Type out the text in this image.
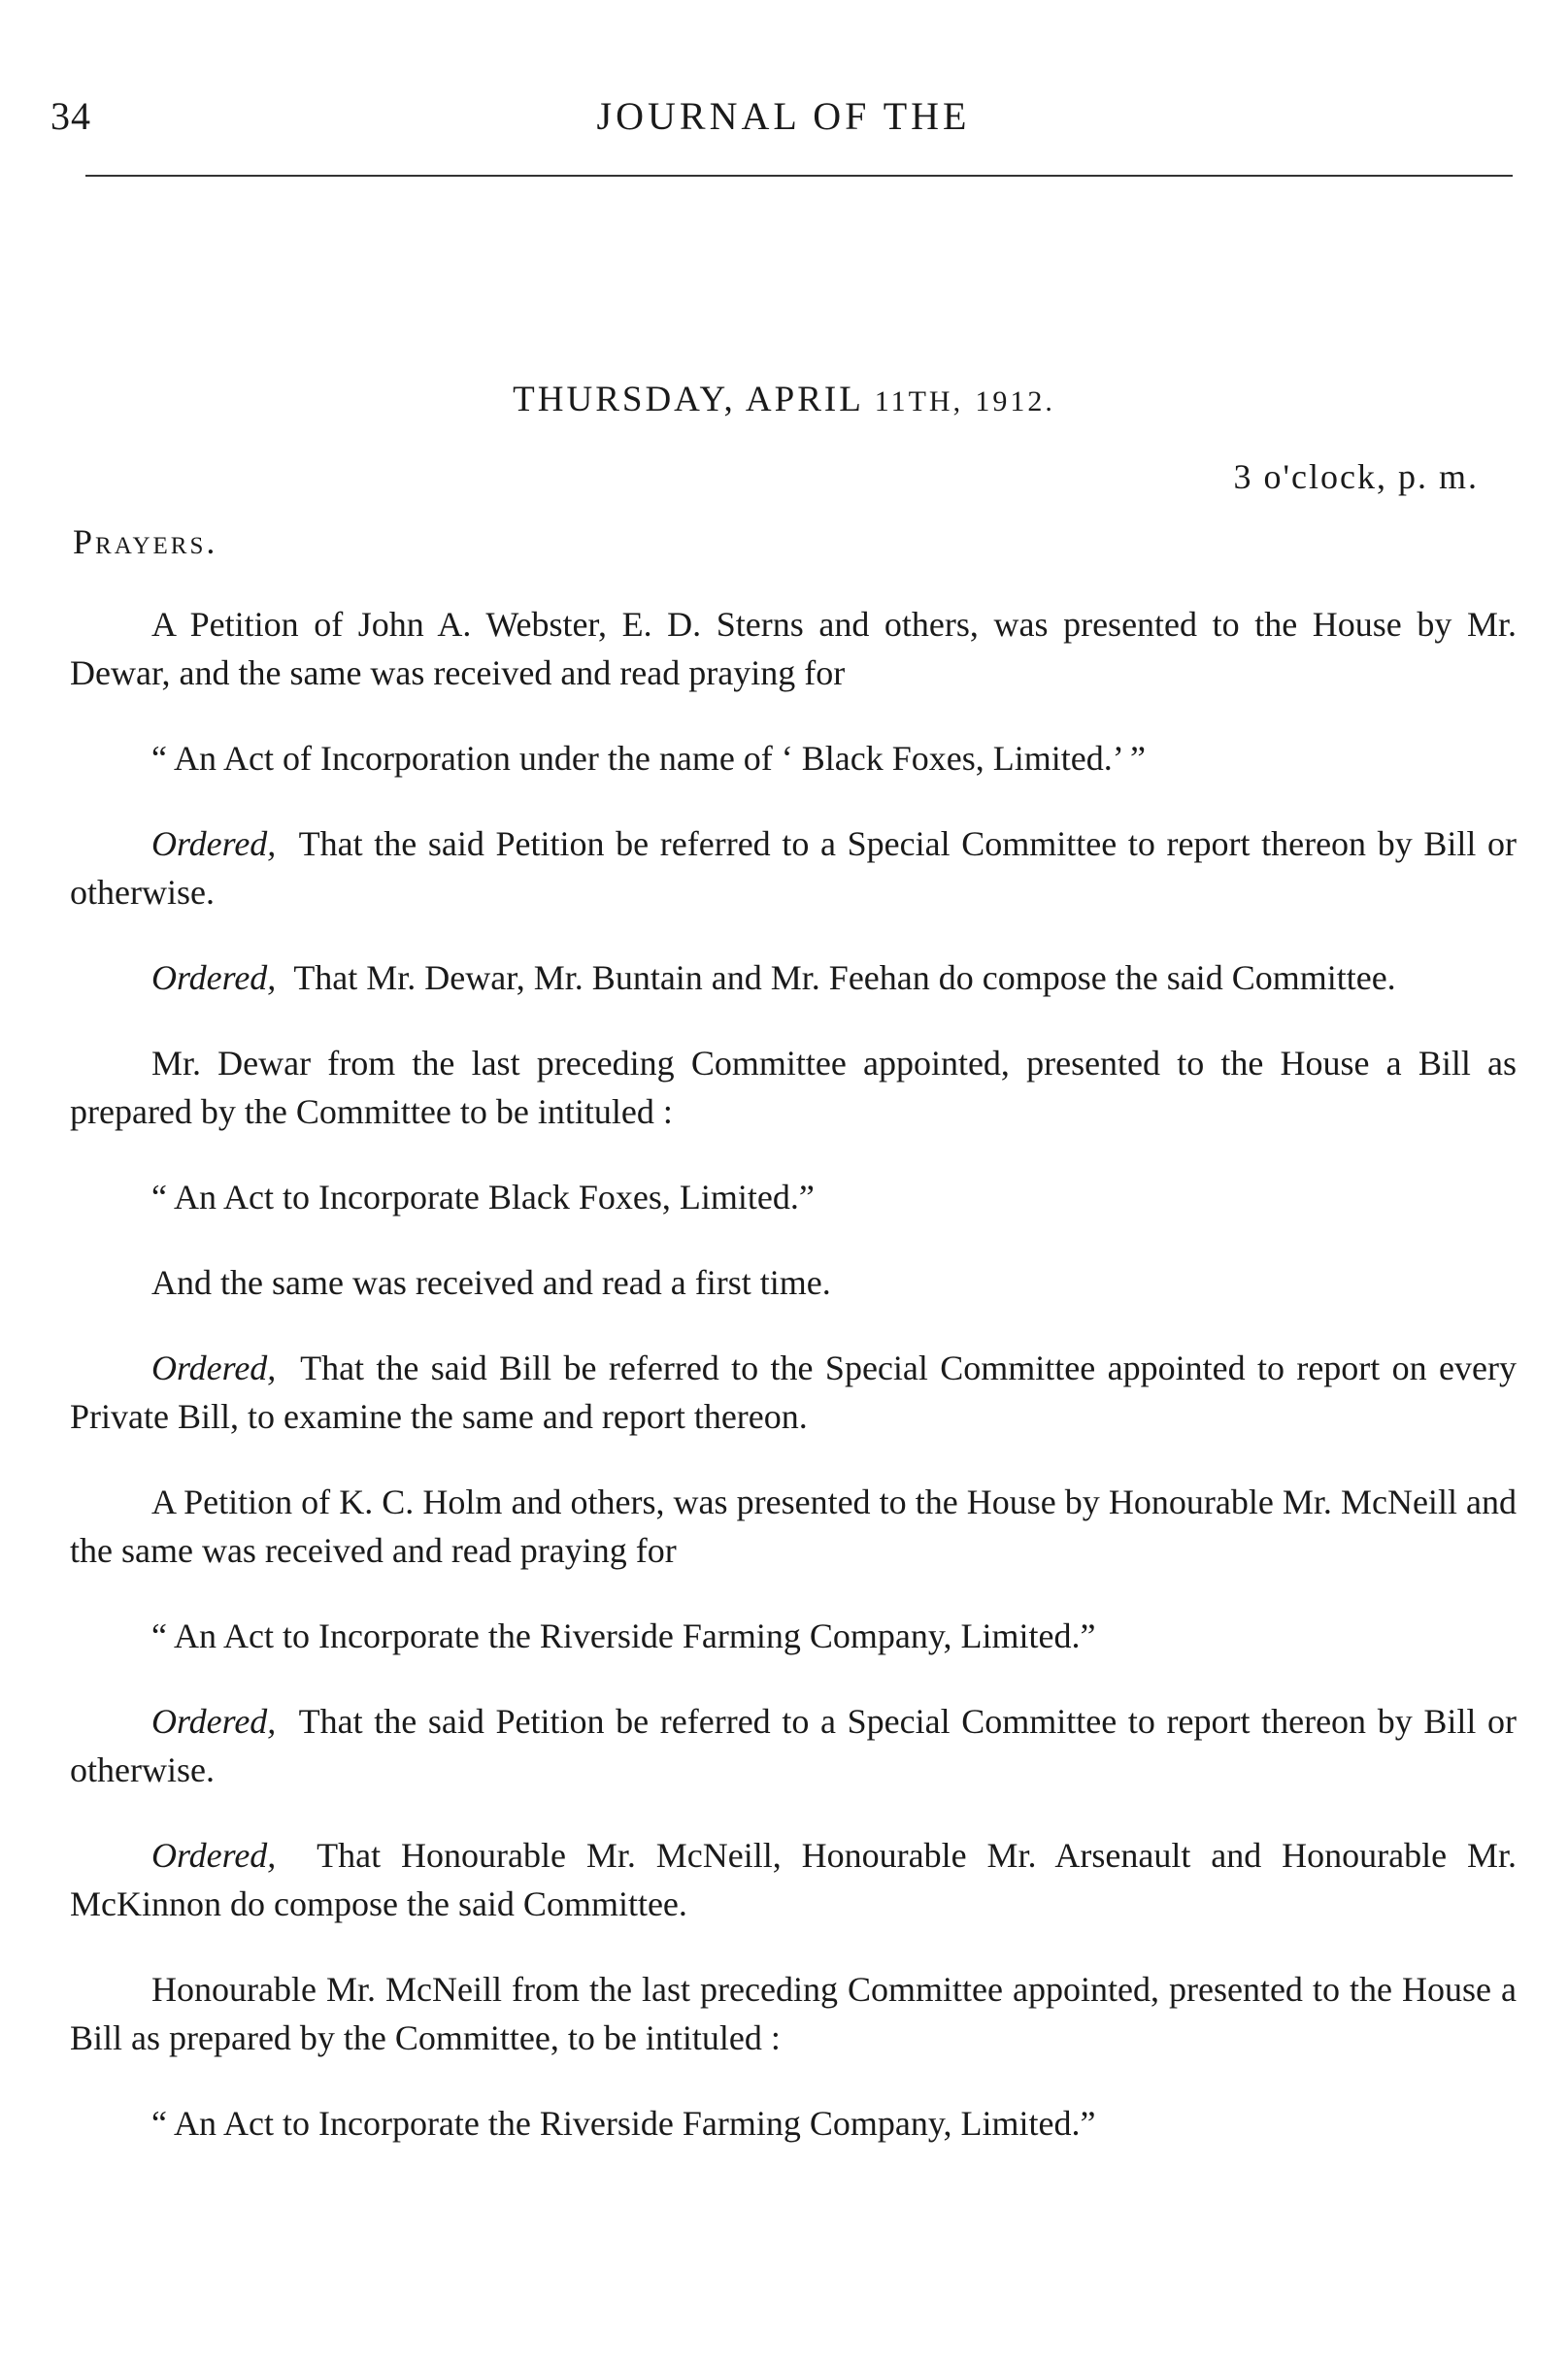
34	JOURNAL OF THE
THURSDAY, APRIL 11TH, 1912.
3 o'clock, p. m.
Prayers.

A Petition of John A. Webster, E. D. Sterns and others, was presented to the House by Mr. Dewar, and the same was received and read praying for

“ An Act of Incorporation under the name of ‘ Black Foxes, Limited.’ ”

Ordered, That the said Petition be referred to a Special Committee to report thereon by Bill or otherwise.

Ordered, That Mr. Dewar, Mr. Buntain and Mr. Feehan do compose the said Committee.

Mr. Dewar from the last preceding Committee appointed, presented to the House a Bill as prepared by the Committee to be intituled :

“ An Act to Incorporate Black Foxes, Limited.”

And the same was received and read a first time.

Ordered, That the said Bill be referred to the Special Committee appointed to report on every Private Bill, to examine the same and report thereon.

A Petition of K. C. Holm and others, was presented to the House by Honourable Mr. McNeill and the same was received and read praying for

“ An Act to Incorporate the Riverside Farming Company, Limited.”

Ordered, That the said Petition be referred to a Special Committee to report thereon by Bill or otherwise.

Ordered, That Honourable Mr. McNeill, Honourable Mr. Arsenault and Honourable Mr. McKinnon do compose the said Committee.

Honourable Mr. McNeill from the last preceding Committee appointed, presented to the House a Bill as prepared by the Committee, to be intituled :

“ An Act to Incorporate the Riverside Farming Company, Limited.”
